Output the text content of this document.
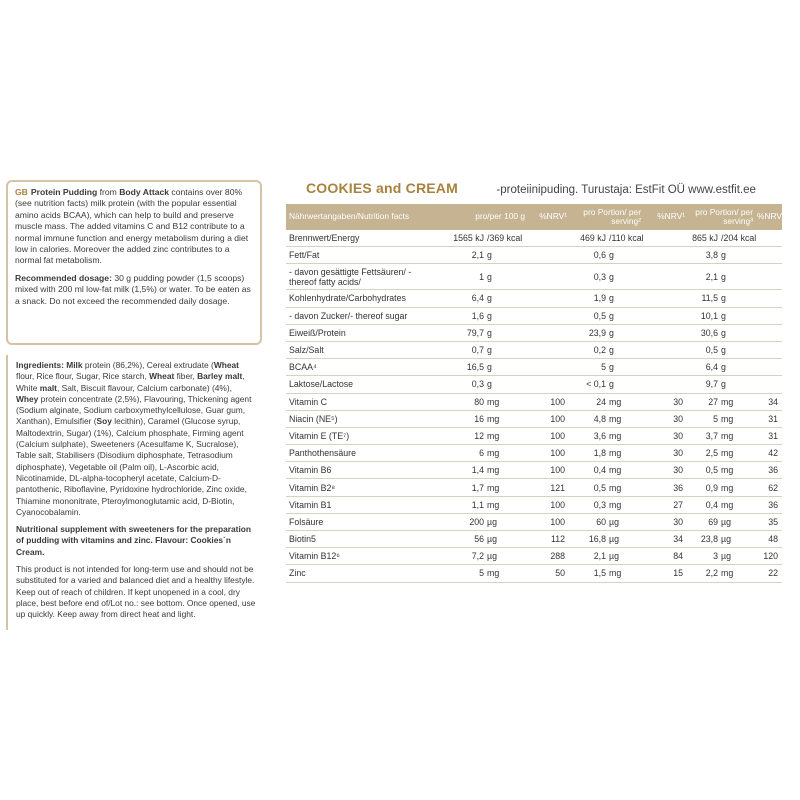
GB Protein Pudding from Body Attack contains over 80% (see nutrition facts) milk protein (with the popular essential amino acids BCAA), which can help to build and preserve muscle mass. The added vitamins C and B12 contribute to a normal immune function and energy metabolism during a diet low in calories. Moreover the added zinc contributes to a normal fat metabolism.

Recommended dosage: 30 g pudding powder (1,5 scoops) mixed with 200 ml low-fat milk (1,5%) or water. To be eaten as a snack. Do not exceed the recommended daily dosage.

Ingredients: Milk protein (86,2%), Cereal extrudate (Wheat flour, Rice flour, Sugar, Rice starch, Wheat fiber, Barley malt, White malt, Salt, Biscuit flavour, Calcium carbonate) (4%), Whey protein concentrate (2,5%), Flavouring, Thickening agent (Sodium alginate, Sodium carboxymethylcellulose, Guar gum, Xanthan), Emulsifier (Soy lecithin), Caramel (Glucose syrup, Maltodextrin, Sugar) (1%), Calcium phosphate, Firming agent (Calcium sulphate), Sweeteners (Acesulfame K, Sucralose), Table salt, Stabilisers (Disodium diphosphate, Tetrasodium diphosphate), Vegetable oil (Palm oil), L-Ascorbic acid, Nicotinamide, DL-alpha-tocopheryl acetate, Calcium-D-pantothenic, Riboflavine, Pyridoxine hydrochloride, Zinc oxide, Thiamine mononitrate, Pteroylmonoglutamic acid, D-Biotin, Cyanocobalamin.

Nutritional supplement with sweeteners for the preparation of pudding with vitamins and zinc. Flavour: Cookies´n Cream.

This product is not intended for long-term use and should not be substituted for a varied and balanced diet and a healthy lifestyle. Keep out of reach of children. If kept unopened in a cool, dry place, best before end of/Lot no.: see bottom. Once opened, use up quickly. Keep away from direct heat and light.

COOKIES and CREAM	-proteiinipuding. Turustaja: EstFit OÜ www.estfit.ee
Nährwertangaben/Nutrition facts	pro/per 100 g		%NRV¹	pro Portion/ per serving²		%NRV¹	pro Portion/ per serving³		%NRV¹
Brennwert/Energy	1565 kJ	/369 kcal		469 kJ	/110 kcal		865 kJ	/204 kcal	
Fett/Fat	2,1	g		0,6	g		3,8	g	
- davon gesättigte Fettsäuren/ - thereof fatty acids/	1	g		0,3	g		2,1	g	
Kohlenhydrate/Carbohydrates	6,4	g		1,9	g		11,5	g	
- davon Zucker/- thereof sugar	1,6	g		0,5	g		10,1	g	
Eiweiß/Protein	79,7	g		23,9	g		30,6	g	
Salz/Salt	0,7	g		0,2	g		0,5	g	
BCAA⁴	16,5	g		5	g		6,4	g	
Laktose/Lactose	0,3	g		< 0,1	g		9,7	g	
Vitamin C	80	mg	100	24	mg	30	27	mg	34
Niacin (NE⁵)	16	mg	100	4,8	mg	30	5	mg	31
Vitamin E (TE⁷)	12	mg	100	3,6	mg	30	3,7	mg	31
Panthothensäure	6	mg	100	1,8	mg	30	2,5	mg	42
Vitamin B6	1,4	mg	100	0,4	mg	30	0,5	mg	36
Vitamin B2⁸	1,7	mg	121	0,5	mg	36	0,9	mg	62
Vitamin B1	1,1	mg	100	0,3	mg	27	0,4	mg	36
Folsäure	200	µg	100	60	µg	30	69	µg	35
Biotin5	56	µg	112	16,8	µg	34	23,8	µg	48
Vitamin B12⁶	7,2	µg	288	2,1	µg	84	3	µg	120
Zinc	5	mg	50	1,5	mg	15	2,2	mg	22
